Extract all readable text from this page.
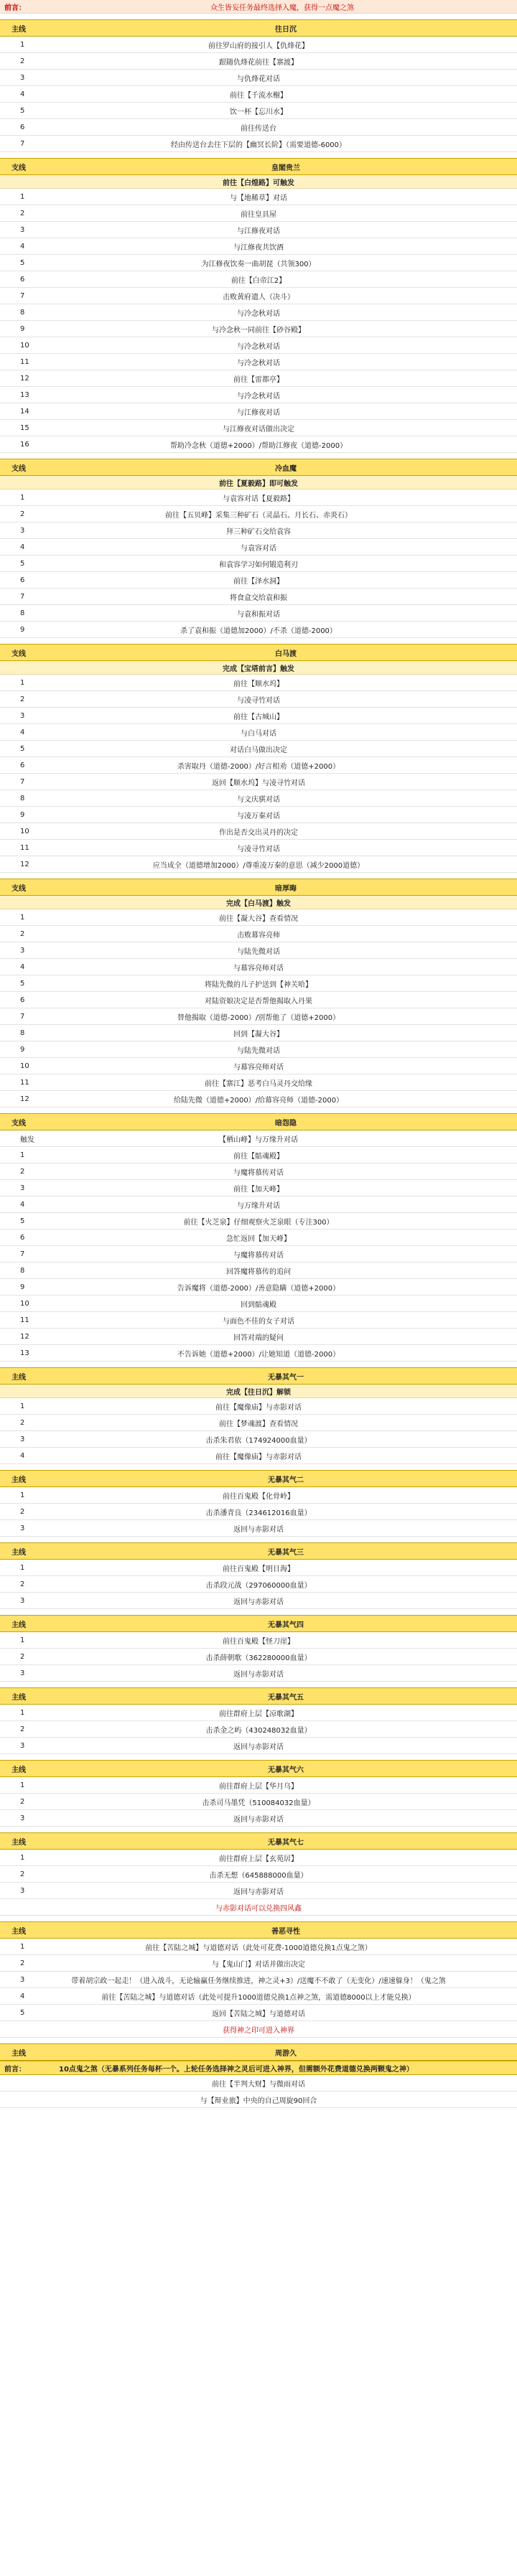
前言：	众生皆妄任务最终选择入魔，获得一点魔之煞
主线	往日沉
1	前往罗山府的接引人【仇烽花】
2	跟随仇烽花前往【寨渡】
3	与仇烽花对话
4	前往【千流水榭】
5	饮一杯【忘川水】
6	前往传送台
7	经由传送台去往下层的【幽冥长阶】（需要道德-6000）
支线	皇閣贵兰
前往【白煌路】可触发
1	与【地稀草】对话
2	前往皇具屋
3	与江修夜对话
4	与江修夜共饮酒
5	为江修夜饮奏一曲胡琵（共领300）
6	前往【白帝江2】
7	击败黄府遗人（决斗）
8	与冷念秋对话
9	与冷念秋一同前往【砂谷殿】
10	与冷念秋对话
11	与冷念秋对话
12	前往【雷都亭】
13	与冷念秋对话
14	与江修夜对话
15	与江修夜对话做出决定
16	帮助冷念秋（道德+2000）/帮助江修夜（道德-2000）
支线	冷血魔
前往【夏毅路】即可触发
1	与袁容对话【夏毅路】
2	前往【五贝峰】采集三种矿石（灵晶石、月长石、赤炎石）
3	拜三种矿石交给袁容
4	与袁容对话
5	和袁容学习如何锻造利刃
6	前往【泽水洞】
7	将食盒交给袁和振
8	与袁和振对话
9	杀了袁和振（道德加2000）/不杀（道德-2000）
支线	白马渡
完成【宝塔前言】触发
1	前往【顺水坞】
2	与凌寻竹对话
3	前往【古城山】
4	与白马对话
5	对话白马做出决定
6	杀害取丹（道德-2000）/好言相劝（道德+2000）
7	返回【顺水坞】与凌寻竹对话
8	与文庆骐对话
9	与凌万秦对话
10	作出是否交出灵丹的决定
11	与凌寻竹对话
12	应当成全（道德增加2000）/尊重凌万秦的意思（减少2000道德）
支线	暗厚晦
完成【白马渡】触发
1	前往【凝大谷】查看情况
2	击败幕容亮师
3	与陆先微对话
4	与幕容亮师对话
5	将陆先微的儿子护送到【神关哈】
6	对陆资娘决定是否帮他揭取入丹果
7	替他揭取（道德-2000）/别帮他了（道德+2000）
8	回到【凝大谷】
9	与陆先微对话
10	与幕容亮师对话
11	前往【寨江】恶考白马灵丹交给缘
12	给陆先微（道德+2000）/给幕容亮师（道德-2000）
支线	暗怨隐
触发	【栖山峰】与万缘升对话
1	前往【骷魂殿】
2	与魔将慕传对话
3	前往【加天峰】
4	与万缘升对话
5	前往【火芝泉】仔细观察火芝泉眼（专注300）
6	急忙返回【加天峰】
7	与魔将慕传对话
8	回答魔将慕传的追问
9	告诉魔将（道德-2000）/善意隐瞒（道德+2000）
10	回到骷魂殿
11	与面色不佳的女子对话
12	回答对端的疑问
13	不告诉她（道德+2000）/让她知道（道德-2000）
主线	无暴其气一
完成【往日沉】解锁
1	前往【魔像庙】与赤影对话
2	前往【梦魂渡】查看情况
3	击杀朱君依（174924000血量）
4	前往【魔像庙】与赤影对话
主线	无暴其气二
1	前往百鬼殿【化骨岭】
2	击杀潘青良（234612016血量）
3	返回与赤影对话
主线	无暴其气三
1	前往百鬼殿【明日海】
2	击杀段元战（297060000血量）
3	返回与赤影对话
主线	无暴其气四
1	前往百鬼殿【怪刀崖】
2	击杀薛朝歌（362280000血量）
3	返回与赤影对话
主线	无暴其气五
1	前往群府上层【凉歌湖】
2	击杀金之屿（430248032血量）
3	返回与赤影对话
主线	无暴其气六
1	前往群府上层【华月乌】
2	击杀司马墨凭（510084032血量）
3	返回与赤影对话
主线	无暴其气七
1	前往群府上层【玄苑居】
2	击杀无想（645888000血量）
3	返回与赤影对话
与赤影对话可以兑换四风鑫
主线	善恶寻性
1	前往【苦陆之城】与道德对话（此处可花费-1000道德兑换1点鬼之煞）
2	与【鬼山门】对话并做出决定
3	带着胡宗政一起走！（进入战斗，无论输赢任务继续推进，神之灵+3）/送魔不不敢了（无变化）/速速躲身！（鬼之煞
4	前往【苦陆之城】与道德对话（此处可提升1000道德兑换1点神之煞，需道德8000以上才能兑换）
5	返回【苦陆之城】与道德对话
获得神之印可进入神界
主线	周游久
前言：	10点鬼之煞（无暴系列任务每杯一个。上轮任务选择神之灵后可进入神界，但需额外花费道德兑换两颗鬼之神）
前往【半判大财】与微雨对话
与【辩业旅】中央的自己周旋90回合
